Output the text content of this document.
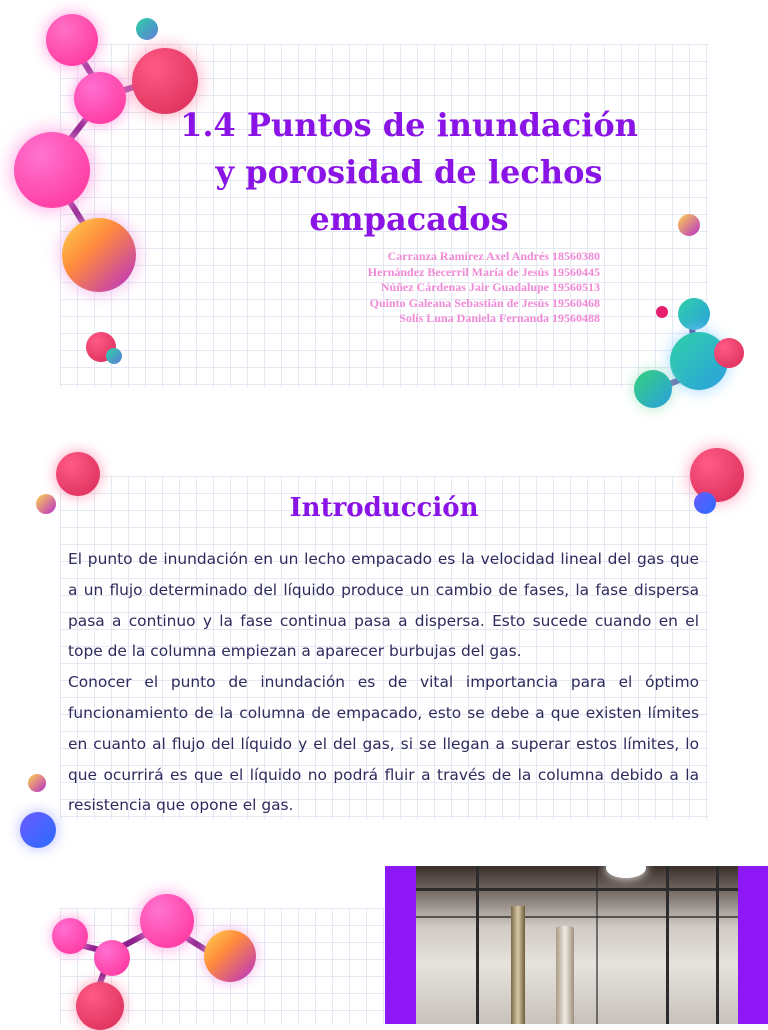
1.4 Puntos de inundación y porosidad de lechos empacados
Carranza Ramírez Axel Andrés 18560380
Hernández Becerril María de Jesús 19560445
Núñez Cárdenas Jair Guadalupe 19560513
Quinto Galeana Sebastián de Jesús 19560468
Solís Luna Daniela Fernanda 19560488
Introducción

El punto de inundación en un lecho empacado es la velocidad lineal del gas que a un flujo determinado del líquido produce un cambio de fases, la fase dispersa pasa a continuo y la fase continua pasa a dispersa. Esto sucede cuando en el tope de la columna empiezan a aparecer burbujas del gas.

Conocer el punto de inundación es de vital importancia para el óptimo funcionamiento de la columna de empacado, esto se debe a que existen límites en cuanto al flujo del líquido y el del gas, si se llegan a superar estos límites, lo que ocurrirá es que el líquido no podrá fluir a través de la columna debido a la resistencia que opone el gas.
